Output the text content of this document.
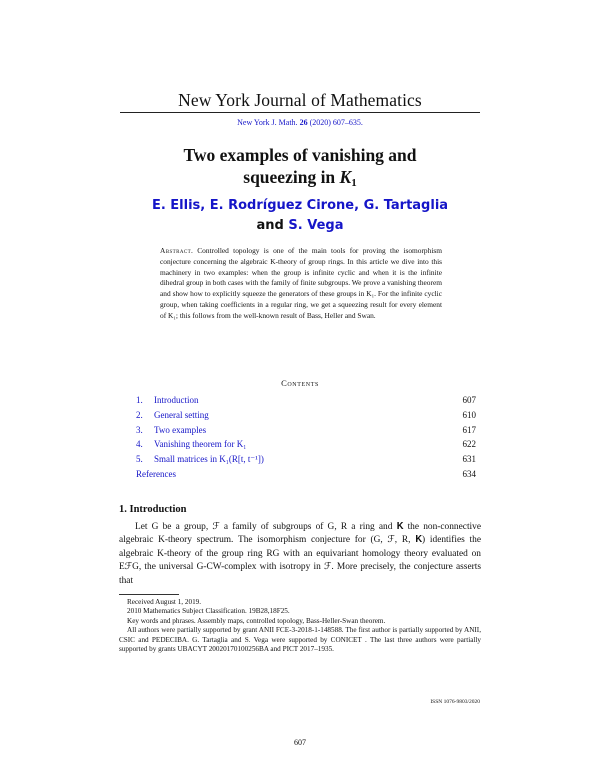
New York Journal of Mathematics
New York J. Math. 26 (2020) 607–635.
Two examples of vanishing and
squeezing in $K_1$
E. Ellis, E. Rodríguez Cirone, G. Tartaglia
and S. Vega
Abstract. Controlled topology is one of the main tools for proving the isomorphism conjecture concerning the algebraic K-theory of group rings. In this article we dive into this machinery in two examples: when the group is infinite cyclic and when it is the infinite dihedral group in both cases with the family of finite subgroups. We prove a vanishing theorem and show how to explicitly squeeze the generators of these groups in K₁. For the infinite cyclic group, when taking coefficients in a regular ring, we get a squeezing result for every element of K₁; this follows from the well-known result of Bass, Heller and Swan.
Contents
1. Introduction	607
2. General setting	610
3. Two examples	617
4. Vanishing theorem for K₁	622
5. Small matrices in K₁(R[t, t⁻¹])	631
References	634
1. Introduction

Let G be a group, ℱ a family of subgroups of G, R a ring and 𝐊 the non-connective algebraic K-theory spectrum. The isomorphism conjecture for (G, ℱ, R, 𝐊) identifies the algebraic K-theory of the group ring RG with an equivariant homology theory evaluated on EℱG, the universal G-CW-complex with isotropy in ℱ. More precisely, the conjecture asserts that

Received August 1, 2019.

2010 Mathematics Subject Classification. 19B28,18F25.

Key words and phrases. Assembly maps, controlled topology, Bass-Heller-Swan theorem.

All authors were partially supported by grant ANII FCE-3-2018-1-148588. The first author is partially supported by ANII, CSIC and PEDECIBA. G. Tartaglia and S. Vega were supported by CONICET . The last three authors were partially supported by grants UBACYT 20020170100256BA and PICT 2017–1935.

ISSN 1076-9803/2020
607
